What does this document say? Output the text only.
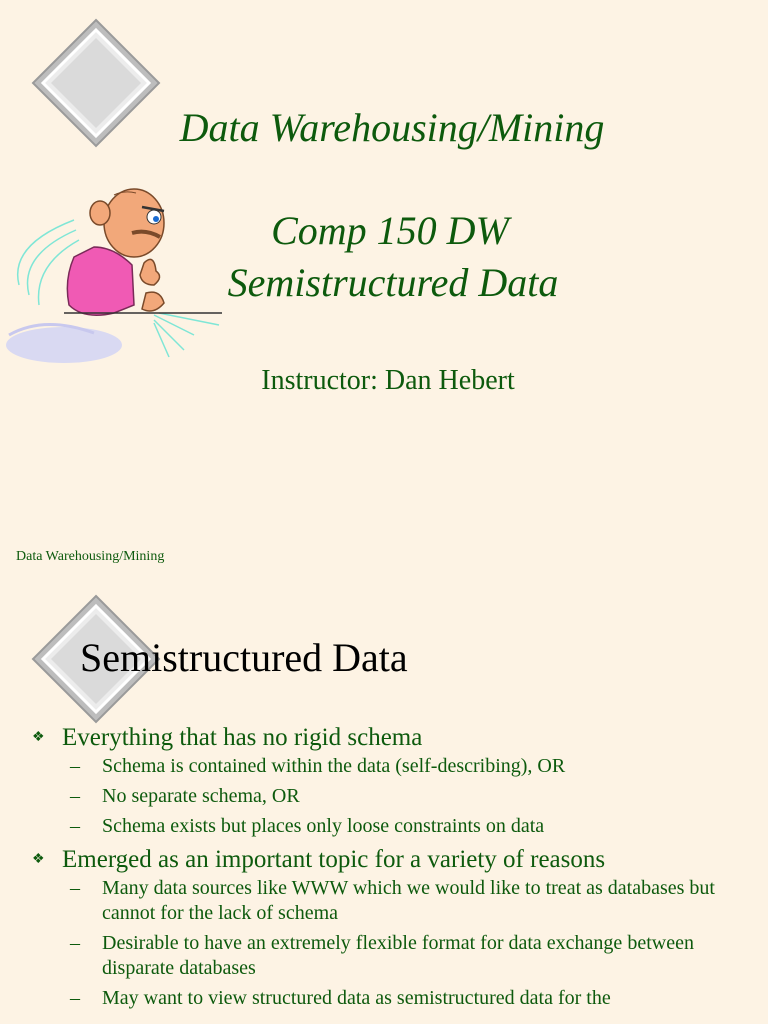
Data Warehousing/Mining
Comp 150 DW
Semistructured Data
Instructor: Dan Hebert
Data Warehousing/Mining
Semistructured Data
❖ Everything that has no rigid schema
– Schema is contained within the data (self-describing), OR
– No separate schema, OR
– Schema exists but places only loose constraints on data
❖ Emerged as an important topic for a variety of reasons
– Many data sources like WWW which we would like to treat as databases but cannot for the lack of schema
– Desirable to have an extremely flexible format for data exchange between disparate databases
– May want to view structured data as semistructured data for the
